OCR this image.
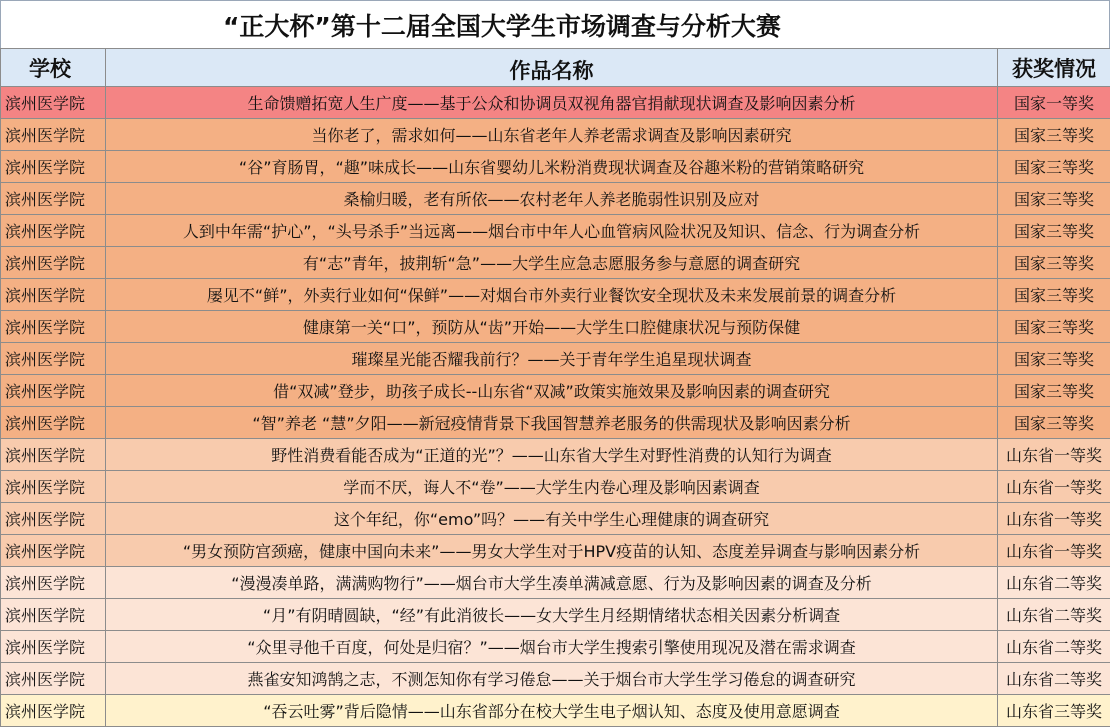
“正大杯”第十二届全国大学生市场调查与分析大赛
学校	作品名称	获奖情况
滨州医学院	生命馈赠拓宽人生广度——基于公众和协调员双视角器官捐献现状调查及影响因素分析	国家一等奖
滨州医学院	当你老了，需求如何——山东省老年人养老需求调查及影响因素研究	国家三等奖
滨州医学院	“谷”育肠胃，“趣”味成长——山东省婴幼儿米粉消费现状调查及谷趣米粉的营销策略研究	国家三等奖
滨州医学院	桑榆归暖，老有所依——农村老年人养老脆弱性识别及应对	国家三等奖
滨州医学院	人到中年需“护心”，“头号杀手”当远离——烟台市中年人心血管病风险状况及知识、信念、行为调查分析	国家三等奖
滨州医学院	有“志”青年，披荆斩“急”——大学生应急志愿服务参与意愿的调查研究	国家三等奖
滨州医学院	屡见不“鲜”，外卖行业如何“保鲜”——对烟台市外卖行业餐饮安全现状及未来发展前景的调查分析	国家三等奖
滨州医学院	健康第一关“口”，预防从“齿”开始——大学生口腔健康状况与预防保健	国家三等奖
滨州医学院	璀璨星光能否耀我前行？——关于青年学生追星现状调查	国家三等奖
滨州医学院	借“双减”登步，助孩子成长--山东省“双减”政策实施效果及影响因素的调查研究	国家三等奖
滨州医学院	“智”养老 “慧”夕阳——新冠疫情背景下我国智慧养老服务的供需现状及影响因素分析	国家三等奖
滨州医学院	野性消费看能否成为“正道的光”？——山东省大学生对野性消费的认知行为调查	山东省一等奖
滨州医学院	学而不厌，诲人不“卷”——大学生内卷心理及影响因素调查	山东省一等奖
滨州医学院	这个年纪，你“emo”吗？——有关中学生心理健康的调查研究	山东省一等奖
滨州医学院	“男女预防宫颈癌，健康中国向未来”——男女大学生对于HPV疫苗的认知、态度差异调查与影响因素分析	山东省一等奖
滨州医学院	“漫漫凑单路，满满购物行”——烟台市大学生凑单满减意愿、行为及影响因素的调查及分析	山东省二等奖
滨州医学院	“月”有阴晴圆缺，“经”有此消彼长——女大学生月经期情绪状态相关因素分析调查	山东省二等奖
滨州医学院	“众里寻他千百度，何处是归宿？”——烟台市大学生搜索引擎使用现况及潜在需求调查	山东省二等奖
滨州医学院	燕雀安知鸿鹄之志，不测怎知你有学习倦怠——关于烟台市大学生学习倦怠的调查研究	山东省二等奖
滨州医学院	“吞云吐雾”背后隐情——山东省部分在校大学生电子烟认知、态度及使用意愿调查	山东省三等奖
